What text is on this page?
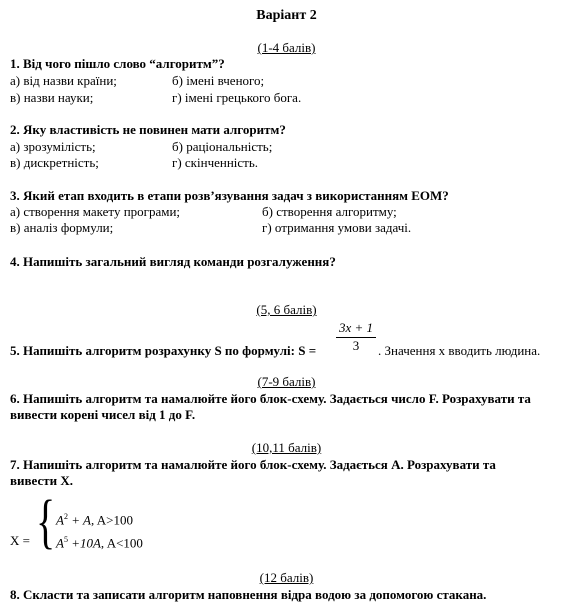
Варіант 2
(1-4 балів)
1. Від чого пішло слово “алгоритм”?
а) від назви країни;	б) імені вченого;
в) назви науки;	г) імені грецького бога.
2. Яку властивість не повинен мати алгоритм?
а) зрозумілість;	б) раціональність;
в) дискретність;	г) скінченність.
3. Який етап входить в етапи розв’язування задач з використанням ЕОМ?
а) створення макету програми;	б) створення алгоритму;
в) аналіз формули;	г) отримання умови задачі.
4. Напишіть загальний вигляд команди розгалуження?
(5, 6 балів)
3x + 1
5. Напишіть алгоритм розрахунку S по формулі: S =	3	. Значення х вводить людина.
(7-9 балів)
6. Напишіть алгоритм та намалюйте його блок-схему. Задається число F. Розрахувати та
вивести корені чисел від 1 до F.
(10,11 балів)
7. Напишіть алгоритм та намалюйте його блок-схему. Задається А. Розрахувати та
вивести Х.
X = { $A^2 + A$, A>100
$A^5 +10A$, A<100
(12 балів)
8. Скласти та записати алгоритм наповнення відра водою за допомогою стакана.
